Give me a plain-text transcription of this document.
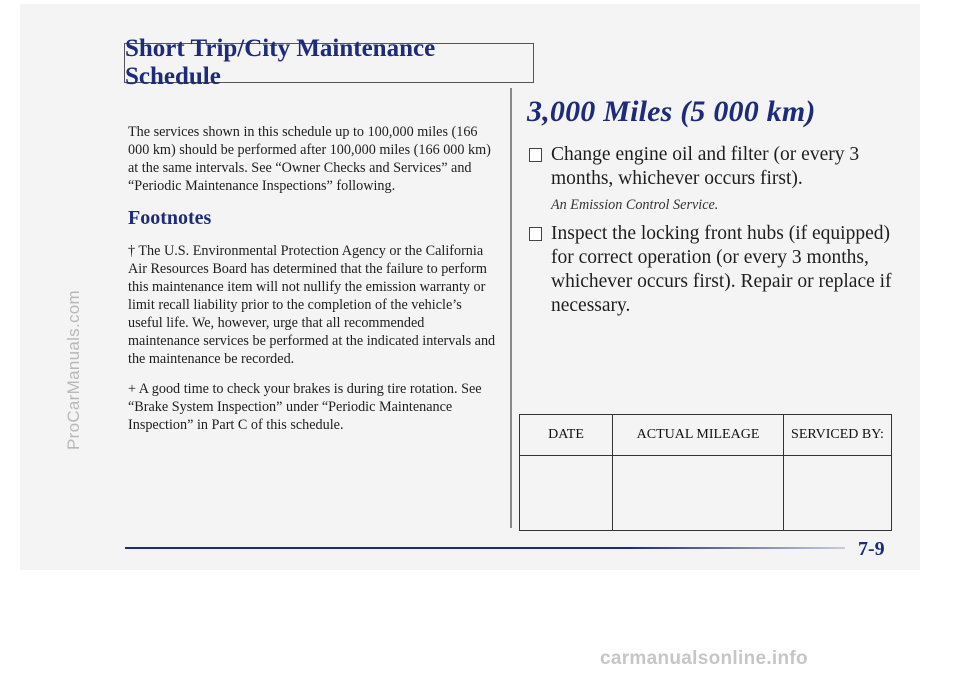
ProCarManuals.com
Short Trip/City Maintenance Schedule

The services shown in this schedule up to 100,000 miles (166 000 km) should be performed after 100,000 miles (166 000 km) at the same intervals. See “Owner Checks and Services” and “Periodic Maintenance Inspections” following.

Footnotes

† The U.S. Environmental Protection Agency or the California Air Resources Board has determined that the failure to perform this maintenance item will not nullify the emission warranty or limit recall liability prior to the completion of the vehicle’s useful life. We, however, urge that all recommended maintenance services be performed at the indicated intervals and the maintenance be recorded.

+ A good time to check your brakes is during tire rotation. See “Brake System Inspection” under “Periodic Maintenance Inspection” in Part C of this schedule.

3,000 Miles (5 000 km)
Change engine oil and filter (or every 3 months, whichever occurs first).
An Emission Control Service.
Inspect the locking front hubs (if equipped) for correct operation (or every 3 months, whichever occurs first). Repair or replace if necessary.
DATE	ACTUAL MILEAGE	SERVICED BY:

7-9
carmanualsonline.info
